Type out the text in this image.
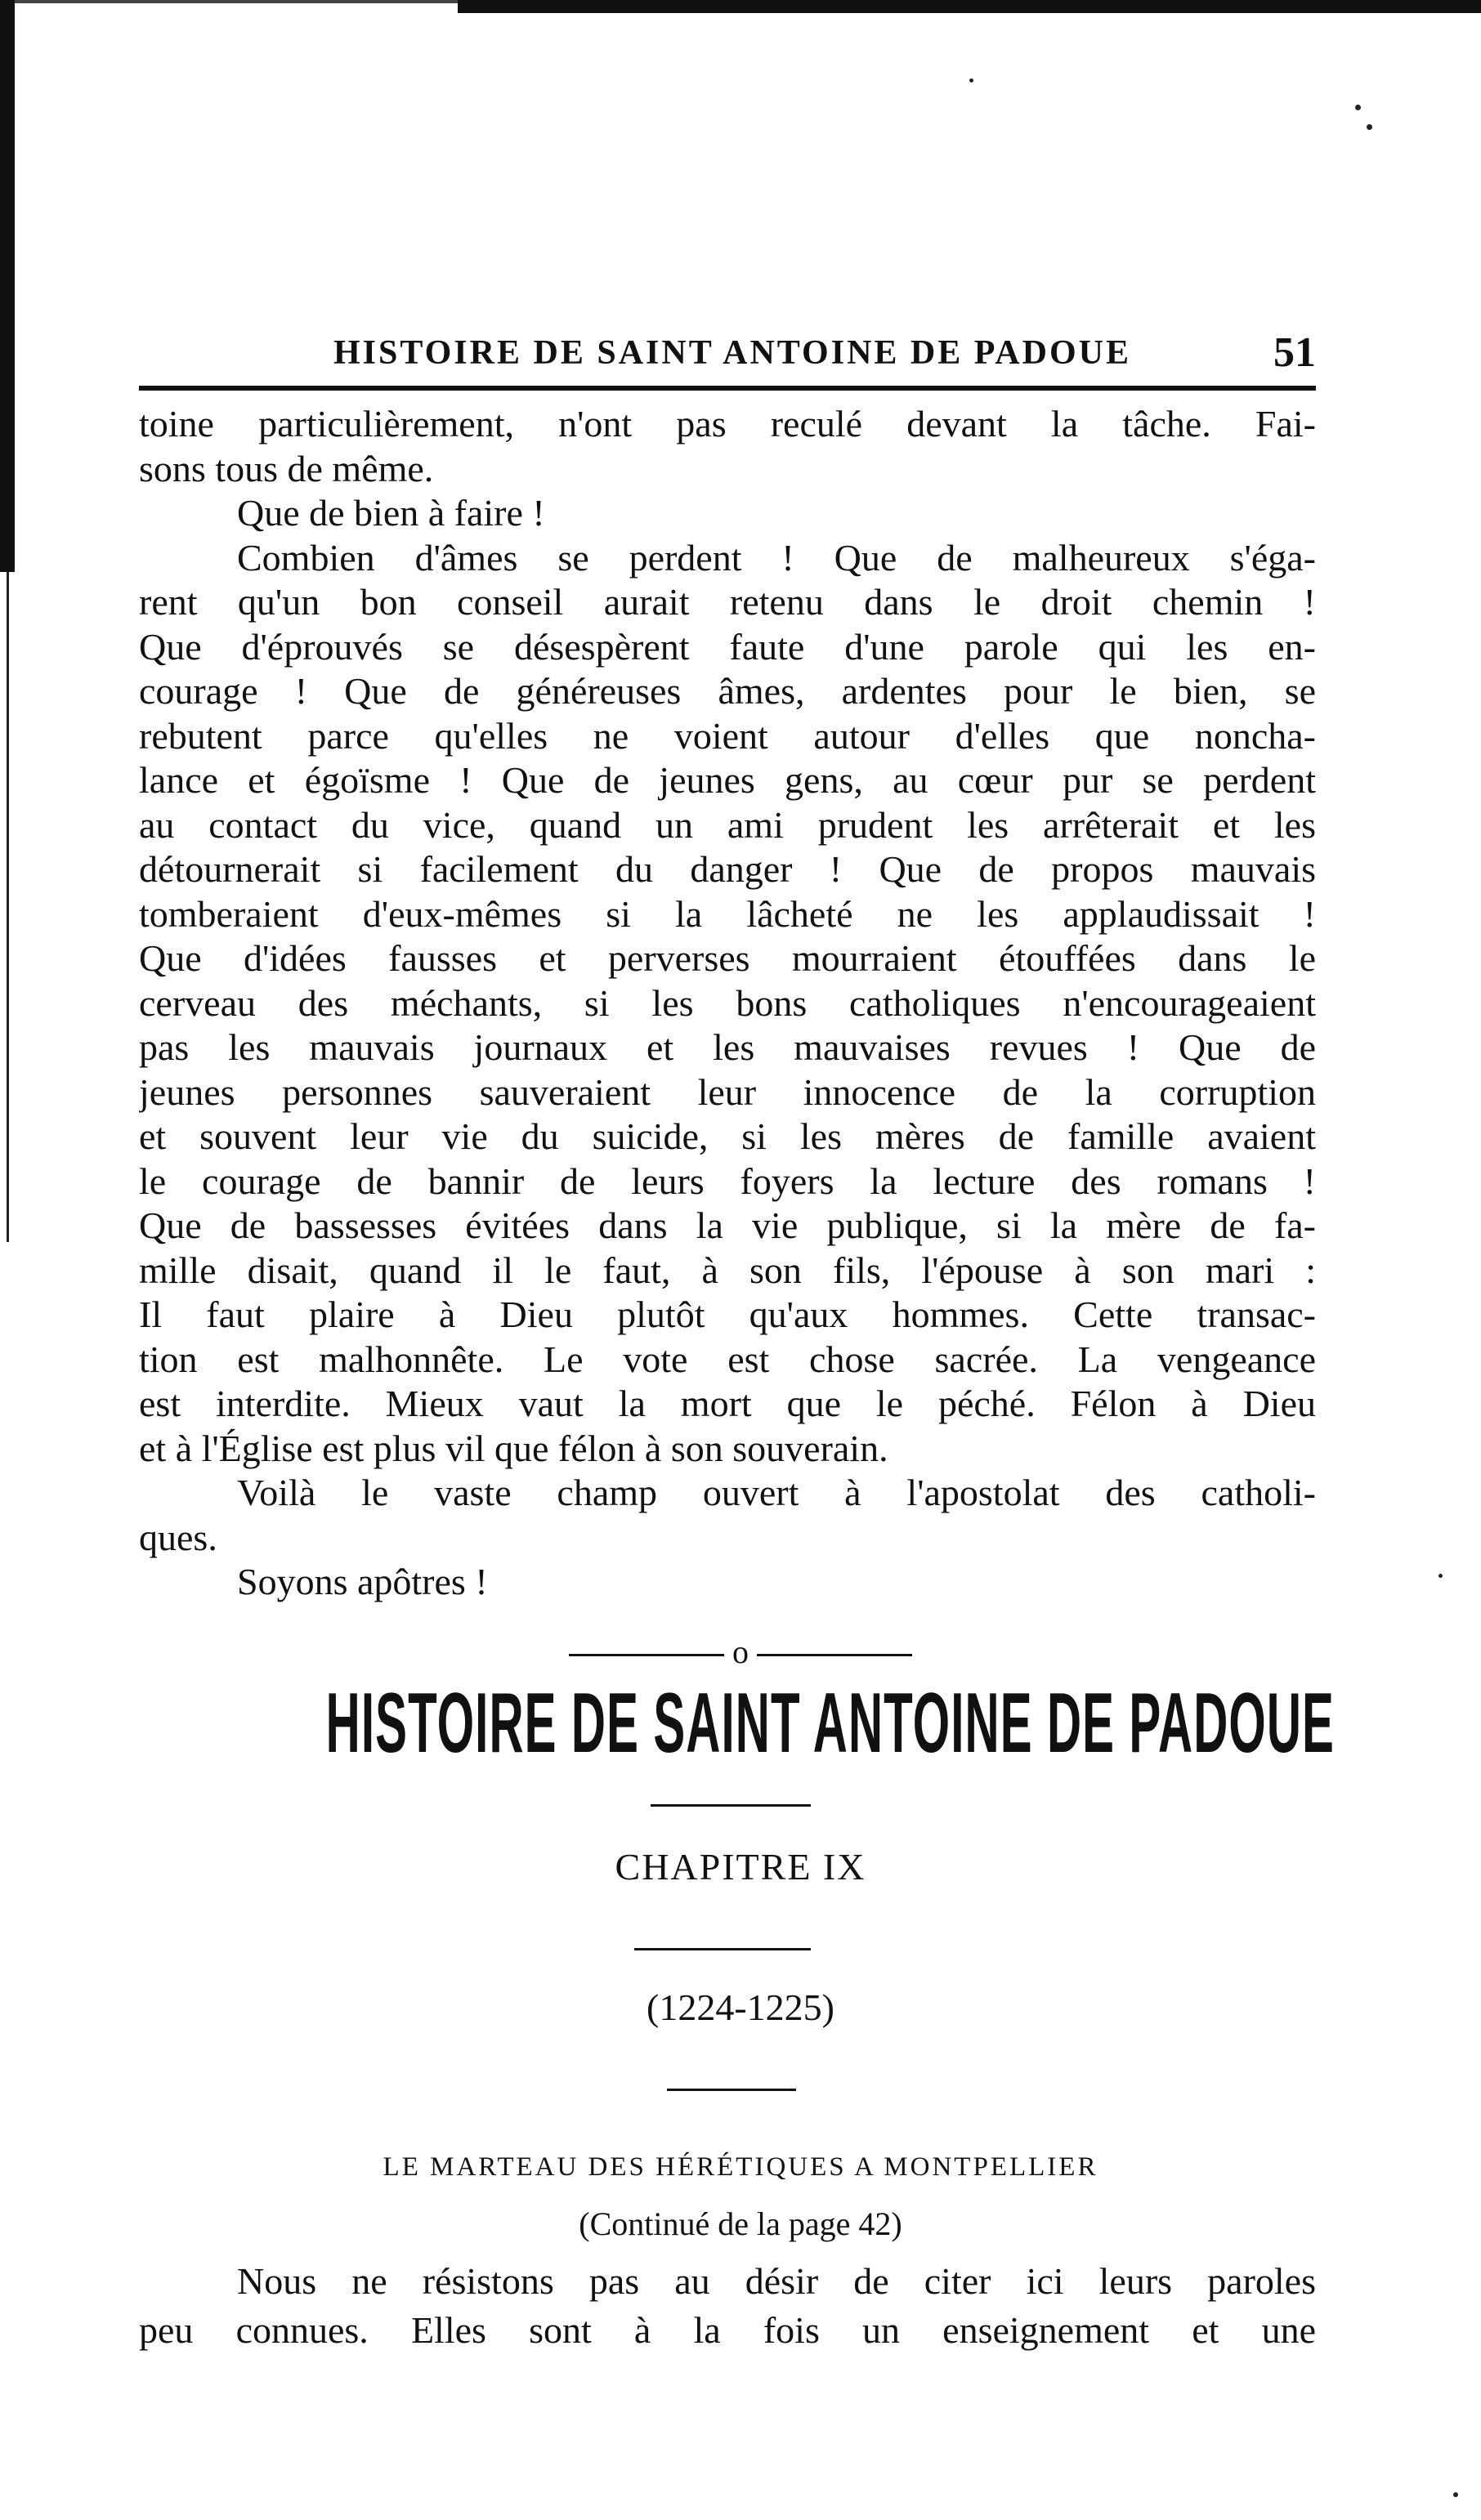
HISTOIRE DE SAINT ANTOINE DE PADOUE	51
toine particulièrement, n'ont pas reculé devant la tâche. Fai-
sons tous de même.
Que de bien à faire !
Combien d'âmes se perdent ! Que de malheureux s'éga-
rent qu'un bon conseil aurait retenu dans le droit chemin !
Que d'éprouvés se désespèrent faute d'une parole qui les en-
courage ! Que de généreuses âmes, ardentes pour le bien, se
rebutent parce qu'elles ne voient autour d'elles que noncha-
lance et égoïsme ! Que de jeunes gens, au cœur pur se perdent
au contact du vice, quand un ami prudent les arrêterait et les
détournerait si facilement du danger ! Que de propos mauvais
tomberaient d'eux-mêmes si la lâcheté ne les applaudissait !
Que d'idées fausses et perverses mourraient étouffées dans le
cerveau des méchants, si les bons catholiques n'encourageaient
pas les mauvais journaux et les mauvaises revues ! Que de
jeunes personnes sauveraient leur innocence de la corruption
et souvent leur vie du suicide, si les mères de famille avaient
le courage de bannir de leurs foyers la lecture des romans !
Que de bassesses évitées dans la vie publique, si la mère de fa-
mille disait, quand il le faut, à son fils, l'épouse à son mari :
Il faut plaire à Dieu plutôt qu'aux hommes. Cette transac-
tion est malhonnête. Le vote est chose sacrée. La vengeance
est interdite. Mieux vaut la mort que le péché. Félon à Dieu
et à l'Église est plus vil que félon à son souverain.
Voilà le vaste champ ouvert à l'apostolat des catholi-
ques.
Soyons apôtres !
o
HISTOIRE DE SAINT ANTOINE DE PADOUE
CHAPITRE IX
(1224-1225)
LE MARTEAU DES HÉRÉTIQUES A MONTPELLIER
(Continué de la page 42)
Nous ne résistons pas au désir de citer ici leurs paroles
peu connues. Elles sont à la fois un enseignement et une
